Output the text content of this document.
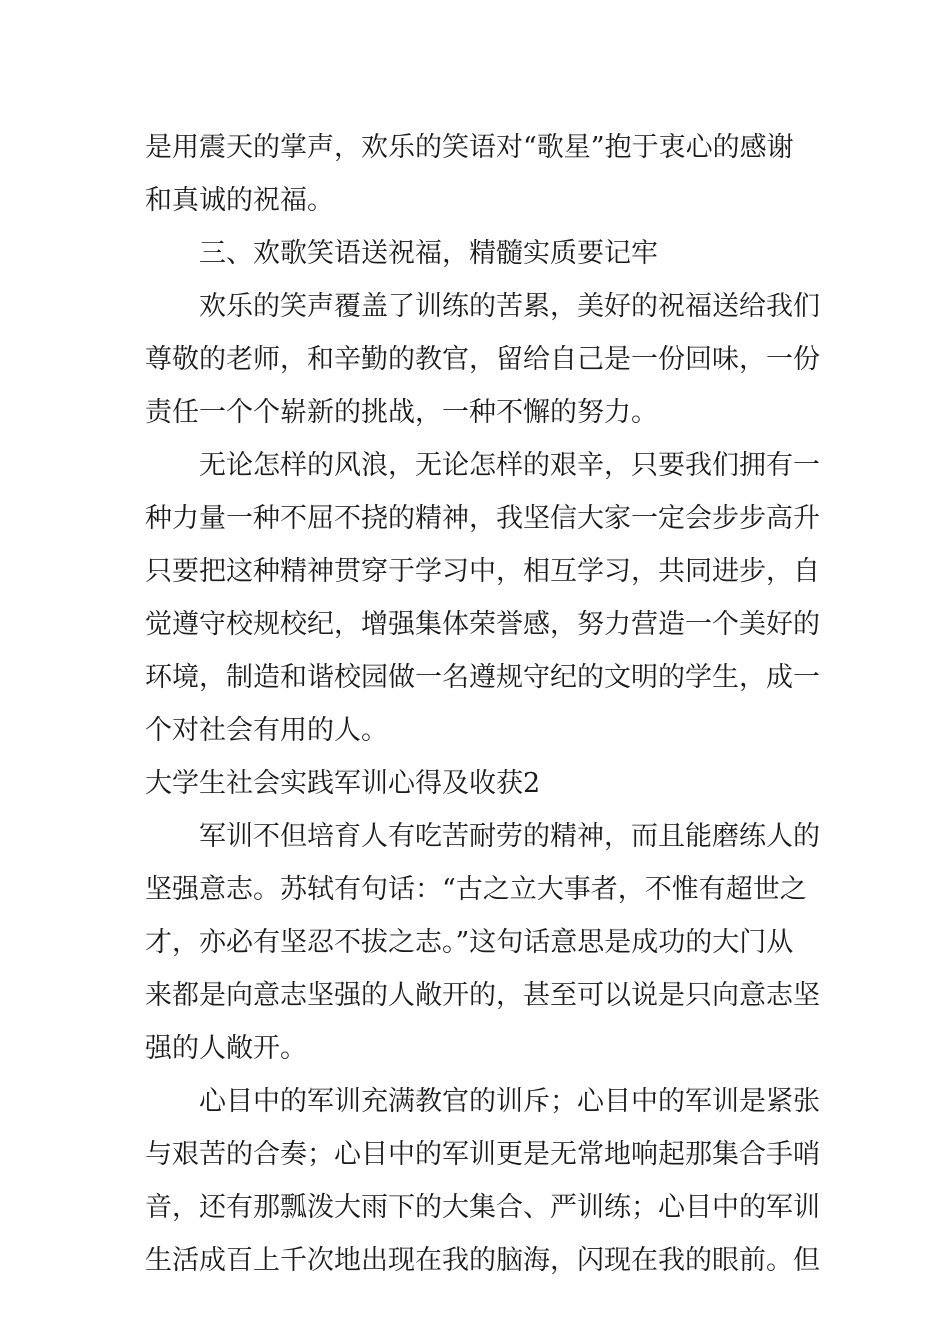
是用震天的掌声，欢乐的笑语对“歌星”抱于衷心的感谢
和真诚的祝福。

三、欢歌笑语送祝福，精髓实质要记牢

欢乐的笑声覆盖了训练的苦累，美好的祝福送给我们
尊敬的老师，和辛勤的教官，留给自己是一份回味，一份
责任一个个崭新的挑战，一种不懈的努力。

无论怎样的风浪，无论怎样的艰辛，只要我们拥有一
种力量一种不屈不挠的精神，我坚信大家一定会步步高升
只要把这种精神贯穿于学习中，相互学习，共同进步，自
觉遵守校规校纪，增强集体荣誉感，努力营造一个美好的
环境，制造和谐校园做一名遵规守纪的文明的学生，成一
个对社会有用的人。

大学生社会实践军训心得及收获2

军训不但培育人有吃苦耐劳的精神，而且能磨练人的
坚强意志。苏轼有句话：“古之立大事者，不惟有超世之
才，亦必有坚忍不拔之志。”这句话意思是成功的大门从
来都是向意志坚强的人敞开的，甚至可以说是只向意志坚
强的人敞开。

心目中的军训充满教官的训斥；心目中的军训是紧张
与艰苦的合奏；心目中的军训更是无常地响起那集合手哨
音，还有那瓢泼大雨下的大集合、严训练；心目中的军训
生活成百上千次地出现在我的脑海，闪现在我的眼前。但
